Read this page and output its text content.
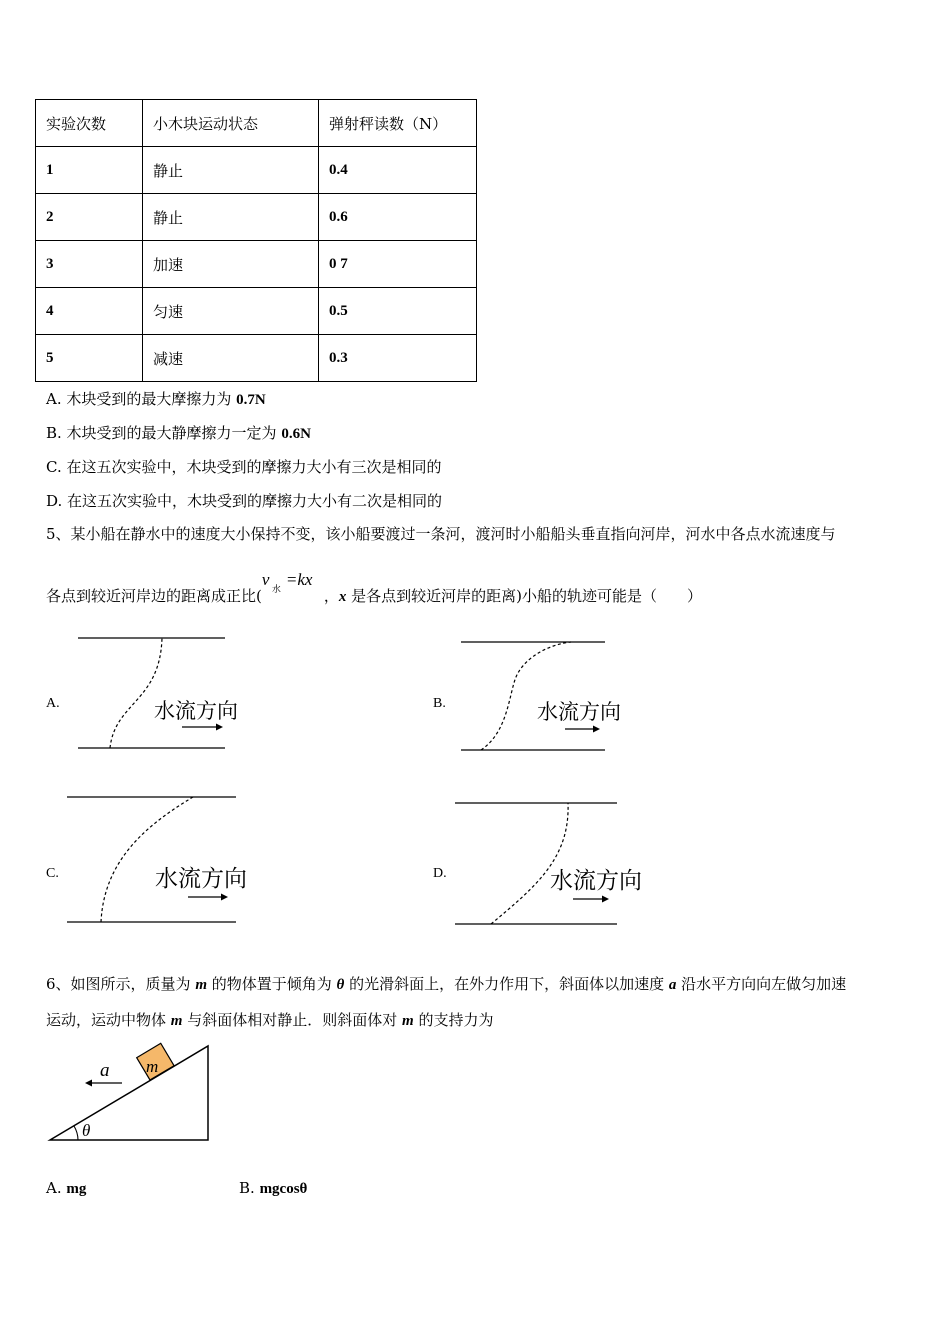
实验次数	小木块运动状态	弹射秤读数（N）
1	静止	0.4
2	静止	0.6
3	加速	0 7
4	匀速	0.5
5	减速	0.3
A. 木块受到的最大摩擦力为 0.7N
B. 木块受到的最大静摩擦力一定为 0.6N
C. 在这五次实验中，木块受到的摩擦力大小有三次是相同的
D. 在这五次实验中，木块受到的摩擦力大小有二次是相同的
5、某小船在静水中的速度大小保持不变，该小船要渡过一条河，渡河时小船船头垂直指向河岸，河水中各点水流速度与
各点到较近河岸边的距离成正比(
v
水
=kx
，x 是各点到较近河岸的距离)小船的轨迹可能是（　　）
A.	B.
C.	D.
水流方向	水流方向
水流方向	水流方向
6、如图所示，质量为 m 的物体置于倾角为 θ 的光滑斜面上，在外力作用下，斜面体以加速度 a 沿水平方向向左做匀加速
运动，运动中物体 m 与斜面体相对静止．则斜面体对 m 的支持力为
m
a
θ
A. mg	B. mgcosθ
